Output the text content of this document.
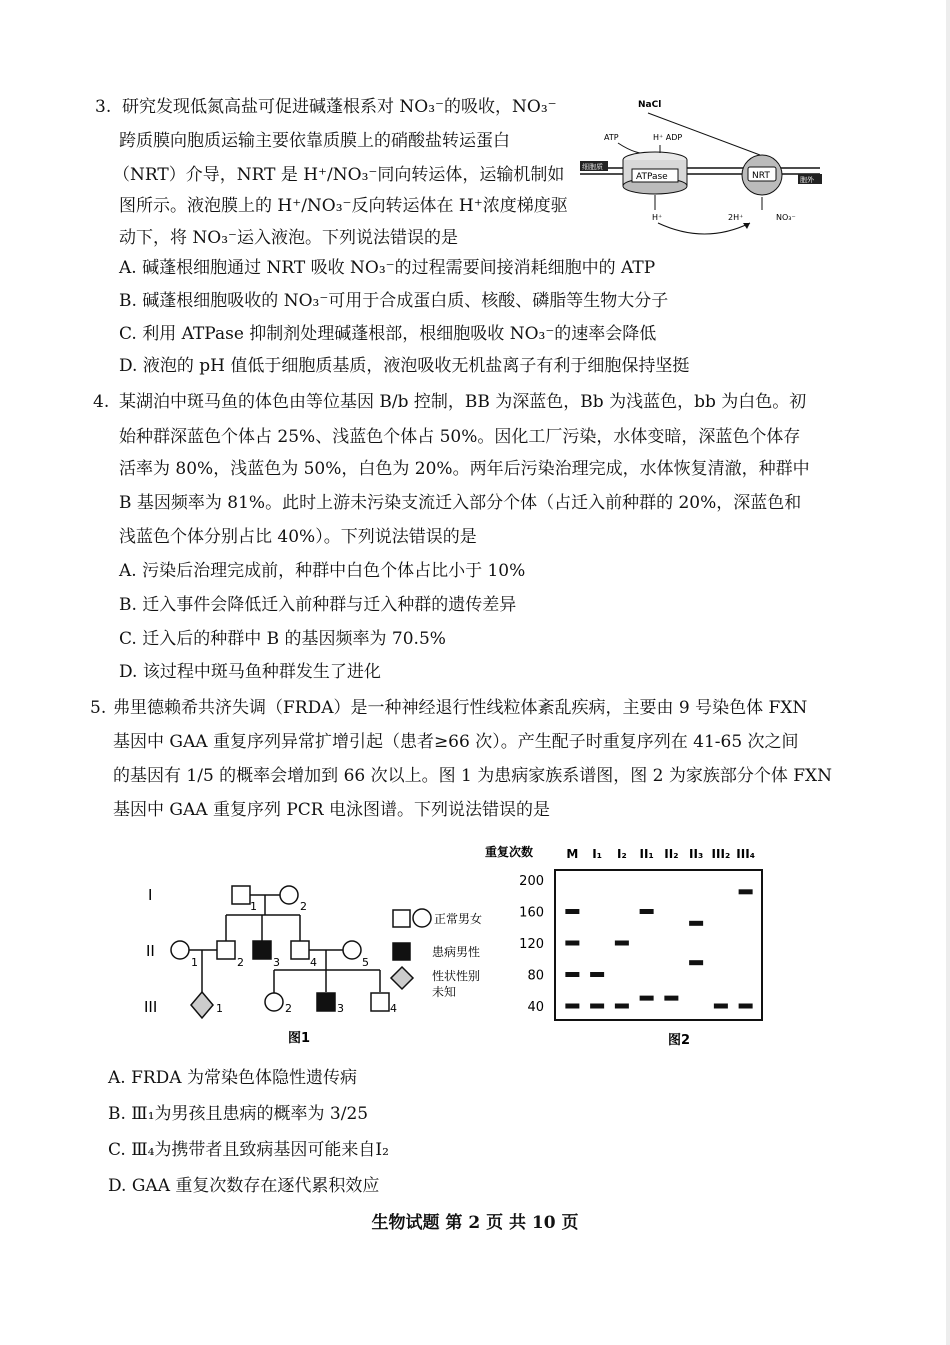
3. 研究发现低氮高盐可促进碱蓬根系对 NO₃⁻的吸收，NO₃⁻
跨质膜向胞质运输主要依靠质膜上的硝酸盐转运蛋白
（NRT）介导，NRT 是 H⁺/NO₃⁻同向转运体，运输机制如
图所示。液泡膜上的 H⁺/NO₃⁻反向转运体在 H⁺浓度梯度驱
动下，将 NO₃⁻运入液泡。下列说法错误的是
细胞质
胞外
ATPase	NRT
NaCl
ATP	H⁺ ADP
H⁺	2H⁺	NO₃⁻
A. 碱蓬根细胞通过 NRT 吸收 NO₃⁻的过程需要间接消耗细胞中的 ATP
B. 碱蓬根细胞吸收的 NO₃⁻可用于合成蛋白质、核酸、磷脂等生物大分子
C. 利用 ATPase 抑制剂处理碱蓬根部，根细胞吸收 NO₃⁻的速率会降低
D. 液泡的 pH 值低于细胞质基质，液泡吸收无机盐离子有利于细胞保持坚挺
4. 某湖泊中斑马鱼的体色由等位基因 B/b 控制，BB 为深蓝色，Bb 为浅蓝色，bb 为白色。初
始种群深蓝色个体占 25%、浅蓝色个体占 50%。因化工厂污染，水体变暗，深蓝色个体存
活率为 80%，浅蓝色为 50%，白色为 20%。两年后污染治理完成，水体恢复清澈，种群中
B 基因频率为 81%。此时上游未污染支流迁入部分个体（占迁入前种群的 20%，深蓝色和
浅蓝色个体分别占比 40%）。下列说法错误的是
A. 污染后治理完成前，种群中白色个体占比小于 10%
B. 迁入事件会降低迁入前种群与迁入种群的遗传差异
C. 迁入后的种群中 B 的基因频率为 70.5%
D. 该过程中斑马鱼种群发生了进化
5. 弗里德赖希共济失调（FRDA）是一种神经退行性线粒体紊乱疾病，主要由 9 号染色体 FXN
基因中 GAA 重复序列异常扩增引起（患者≥66 次）。产生配子时重复序列在 41-65 次之间
的基因有 1/5 的概率会增加到 66 次以上。图 1 为患病家族系谱图，图 2 为家族部分个体 FXN
基因中 GAA 重复序列 PCR 电泳图谱。下列说法错误的是
I
II
III
1	2
1	2	3	4	5
1	2	3	4
正常男女
患病男性
性状性别
未知
图1
重复次数
200
160
120
80
40
M I₁ I₂ II₁ II₂ II₃ III₂ III₄
图2
A. FRDA 为常染色体隐性遗传病
B. Ⅲ₁为男孩且患病的概率为 3/25
C. Ⅲ₄为携带者且致病基因可能来自I₂
D. GAA 重复次数存在逐代累积效应
生物试题 第 2 页 共 10 页
